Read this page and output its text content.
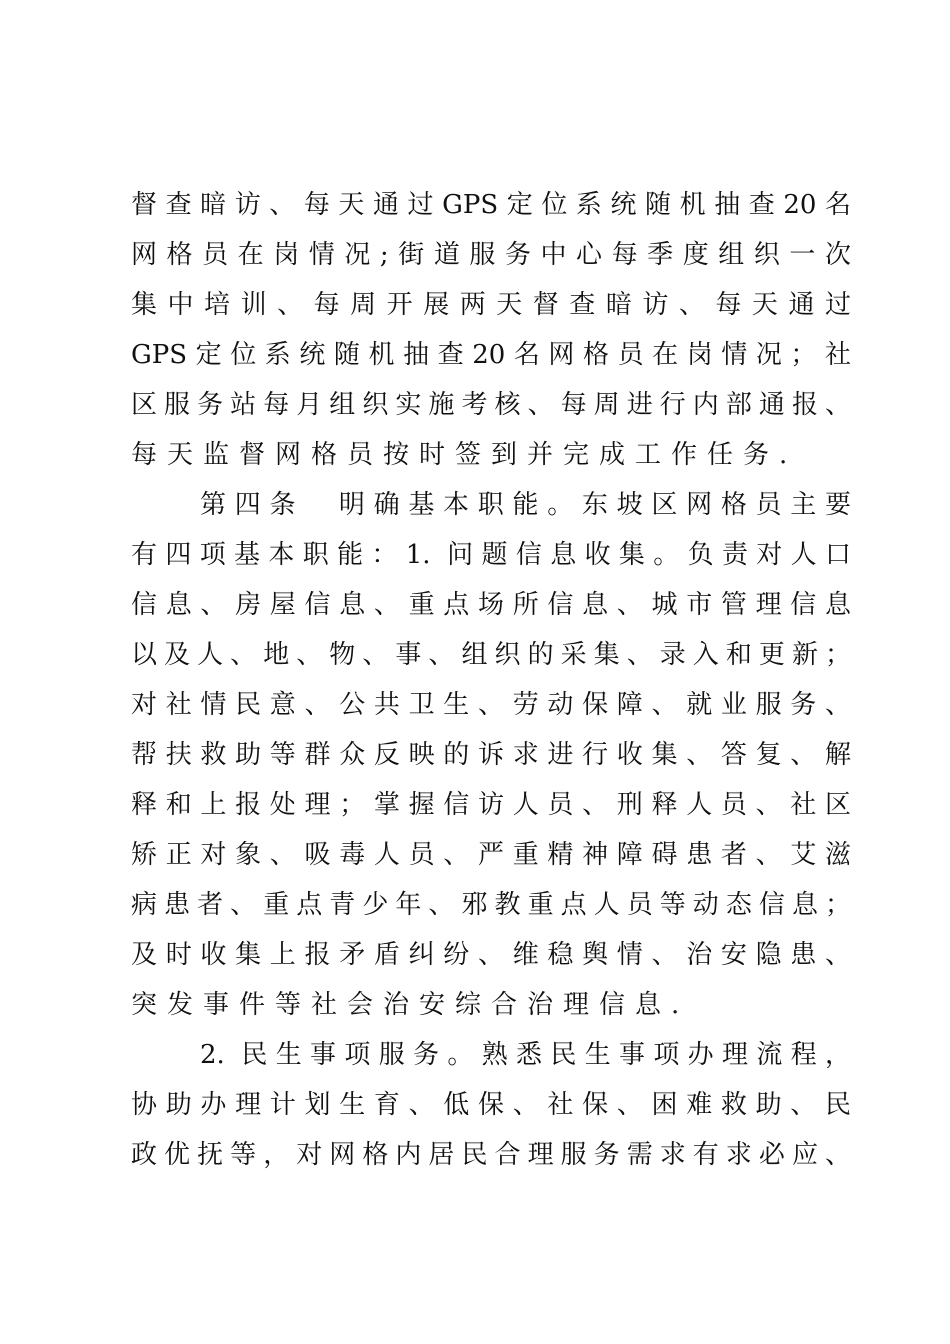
督查暗访、每天通过GPS定位系统随机抽查20名
网格员在岗情况;街道服务中心每季度组织一次
集中培训、每周开展两天督查暗访、每天通过
GPS定位系统随机抽查20名网格员在岗情况；社
区服务站每月组织实施考核、每周进行内部通报、
每天监督网格员按时签到并完成工作任务.
第四条　明确基本职能。东坡区网格员主要
有四项基本职能：1. 问题信息收集。负责对人口
信息、房屋信息、重点场所信息、城市管理信息
以及人、地、物、事、组织的采集、录入和更新；
对社情民意、公共卫生、劳动保障、就业服务、
帮扶救助等群众反映的诉求进行收集、答复、解
释和上报处理；掌握信访人员、刑释人员、社区
矫正对象、吸毒人员、严重精神障碍患者、艾滋
病患者、重点青少年、邪教重点人员等动态信息；
及时收集上报矛盾纠纷、维稳舆情、治安隐患、
突发事件等社会治安综合治理信息.
2. 民生事项服务。熟悉民生事项办理流程，
协助办理计划生育、低保、社保、困难救助、民
政优抚等，对网格内居民合理服务需求有求必应、
